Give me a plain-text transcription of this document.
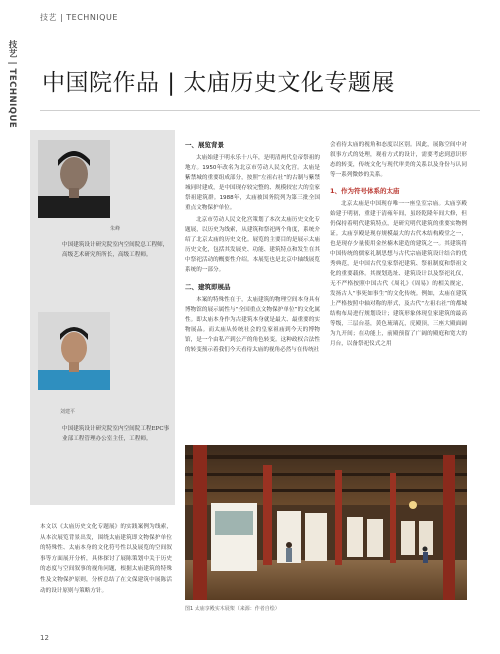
技艺 | TECHNIQUE
技艺 | TECHNIQUE 中国院作品 | 太庙历史文化专题展
朱峰
中国建筑设计研究院室内空间院总工程师，高级艺术研究所所长，高级工程师。
刘建平
中国建筑设计研究院室内空间院工程EPC事业部工程管理办公室主任，工程师。
本文以《太庙历史文化专题展》的实践案例为线索，从本次展览背景出发，围绕太庙建筑即文物保护单位的特殊性、太庙本身的文化符号性以及展览的空间叙事等方面展开分析，具体探讨了展陈策划中关于历史的态度与空间叙事的视角问题，根据太庙建筑的特殊性及文物保护原则，分析总结了在文保建筑中展陈活动的设计原则与策略方针。
一、展览背景

太庙始建于明永乐十八年，是明清两代皇帝祭祖的地方。1950年改名为北京市劳动人民文化宫。太庙是紫禁城的重要组成部分，按照“左祖右社”的古制与紫禁城同时建成，是中国现存较完整的、规模较宏大的皇家祭祖建筑群。1988年，太庙被国务院列为第三批全国重点文物保护单位。

北京市劳动人民文化宫策划了本次太庙历史文化专题展，以历史为线索，从建筑和祭祀两个角度，系统介绍了北京太庙的历史文化。展览的主要目的是展示太庙历史文化，包括其发展史、功能、建筑特点和发生在其中祭祀活动的概要性介绍。本展览也是北京中轴线展览系统的一部分。

二、建筑即展品

本案的特殊性在于，太庙建筑的物理空间本身具有博物馆的展示属性与“全国重点文物保护单位”的文化属性。即太庙本身作为古建筑本身就是最大、最重要的实物展品。而太庙从传统社会的皇家祖庙到今天的博物馆，是一个由私产到公产的角色转变。这种政权合法性的转变预示着我们今天看待太庙的视角必然与在传统社

会看待太庙的视角和态度以区别。因此，展陈空间中对叙事方式的处理，观看方式的设计，需要考虑到意识形态的转变，传统文化与现代审美的关系以及身份与认同等一系列微妙的关系。

1、作为符号体系的太庙

北京太庙是中国现存唯一一座皇室宗庙。太庙享殿始建于明初，重建于清雍年间，虽经乾隆年间大修，但仍保持着明代建筑特点，是研究明代建筑的重要实物例证。太庙享殿是现存规模最大的古代木结构殿堂之一，也是现存少量使用金丝楠木建造的建筑之一。其建筑将中国传统的儒家礼制思想与古代宗庙建筑设计结合的优秀典范，是中国古代皇家祭祀建筑、祭祖制度和祭祖文化的重要载体。其规划选址、建筑设计以及祭祀礼仪，无不严格按照中国古代《周礼》《周易》的相关规定，发扬古人“事死如事生”的文化传统。例如，太庙在建筑上严格按照中轴对称的形式，及古代“左祖右社”的都城结构布局进行规划设计；建筑形象体现皇家建筑的最高等级，三层台基，黄色琉璃瓦，庑殿顶，三座大殿面阔为九开间；在功能上，前殿预留了广阔的殿庭和宽大的月台，以备祭祀仪式之用

图1 太庙享殿实木展架（来源：作者自绘）
12
